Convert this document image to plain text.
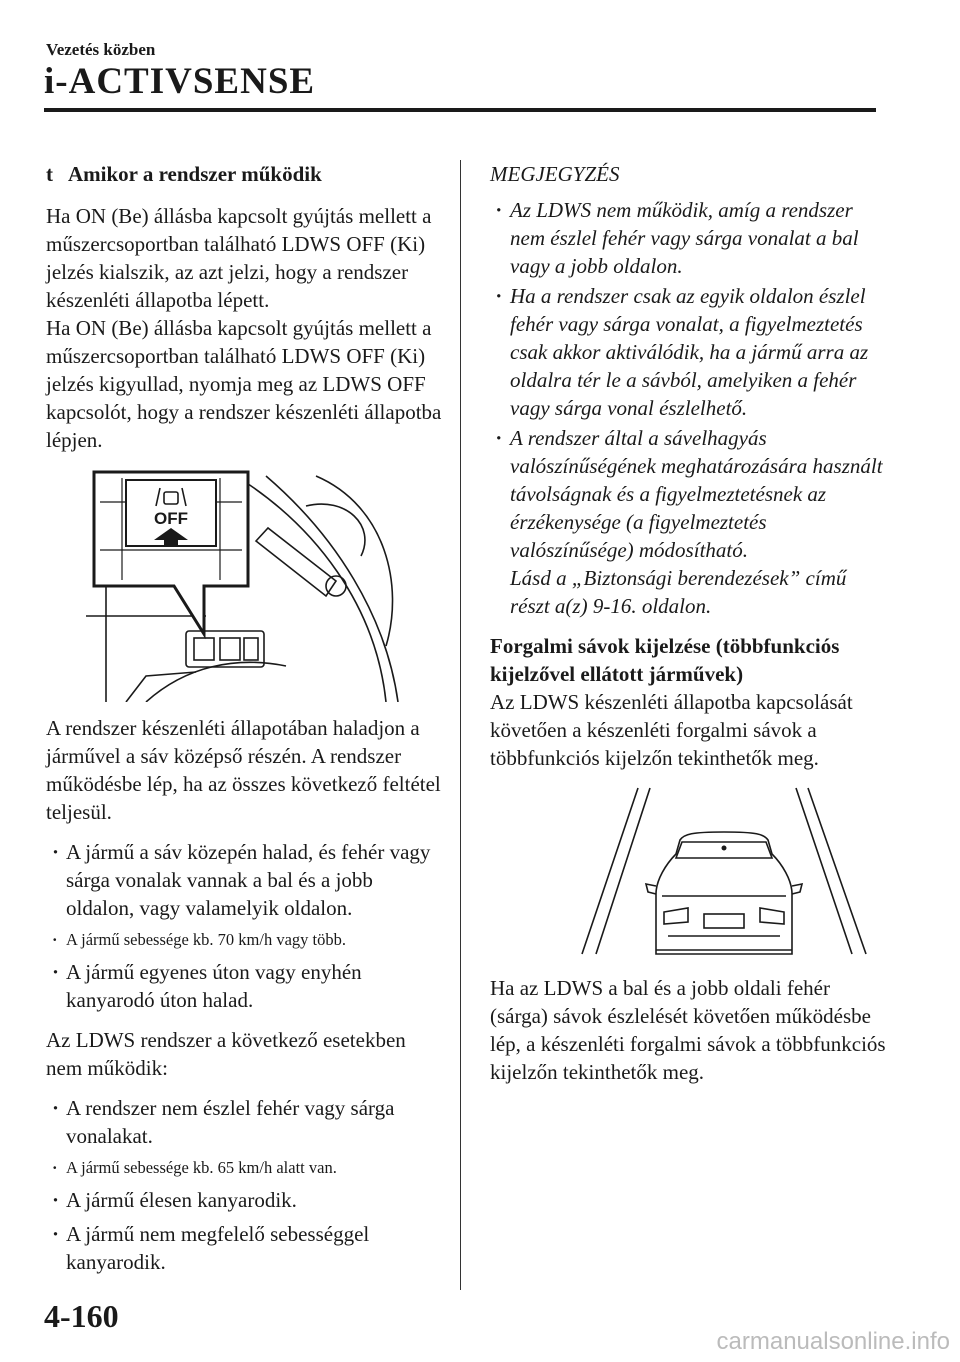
Vezetés közben
i-ACTIVSENSE

t Amikor a rendszer működik

Ha ON (Be) állásba kapcsolt gyújtás mellett a műszercsoportban található LDWS OFF (Ki) jelzés kialszik, az azt jelzi, hogy a rendszer készenléti állapotba lépett.

Ha ON (Be) állásba kapcsolt gyújtás mellett a műszercsoportban található LDWS OFF (Ki) jelzés kigyullad, nyomja meg az LDWS OFF kapcsolót, hogy a rendszer készenléti állapotba lépjen.

OFF

A rendszer készenléti állapotában haladjon a járművel a sáv középső részén. A rendszer működésbe lép, ha az összes következő feltétel teljesül.

· A jármű a sáv közepén halad, és fehér vagy sárga vonalak vannak a bal és a jobb oldalon, vagy valamelyik oldalon.
· A jármű sebessége kb. 70 km/h vagy több.
· A jármű egyenes úton vagy enyhén kanyarodó úton halad.

Az LDWS rendszer a következő esetekben nem működik:

· A rendszer nem észlel fehér vagy sárga vonalakat.
· A jármű sebessége kb. 65 km/h alatt van.
· A jármű élesen kanyarodik.
· A jármű nem megfelelő sebességgel kanyarodik.

MEGJEGYZÉS

· Az LDWS nem működik, amíg a rendszer nem észlel fehér vagy sárga vonalat a bal vagy a jobb oldalon.
· Ha a rendszer csak az egyik oldalon észlel fehér vagy sárga vonalat, a figyelmeztetés csak akkor aktiválódik, ha a jármű arra az oldalra tér le a sávból, amelyiken a fehér vagy sárga vonal észlelhető.
· A rendszer által a sávelhagyás valószínűségének meghatározására használt távolságnak és a figyelmeztetésnek az érzékenysége (a figyelmeztetés valószínűsége) módosítható.
Lásd a „Biztonsági berendezések” című részt a(z) 9-16. oldalon.

Forgalmi sávok kijelzése (többfunkciós kijelzővel ellátott járművek)

Az LDWS készenléti állapotba kapcsolását követően a készenléti forgalmi sávok a többfunkciós kijelzőn tekinthetők meg.

Ha az LDWS a bal és a jobb oldali fehér (sárga) sávok észlelését követően működésbe lép, a készenléti forgalmi sávok a többfunkciós kijelzőn tekinthetők meg.

4-160
carmanualsonline.info
